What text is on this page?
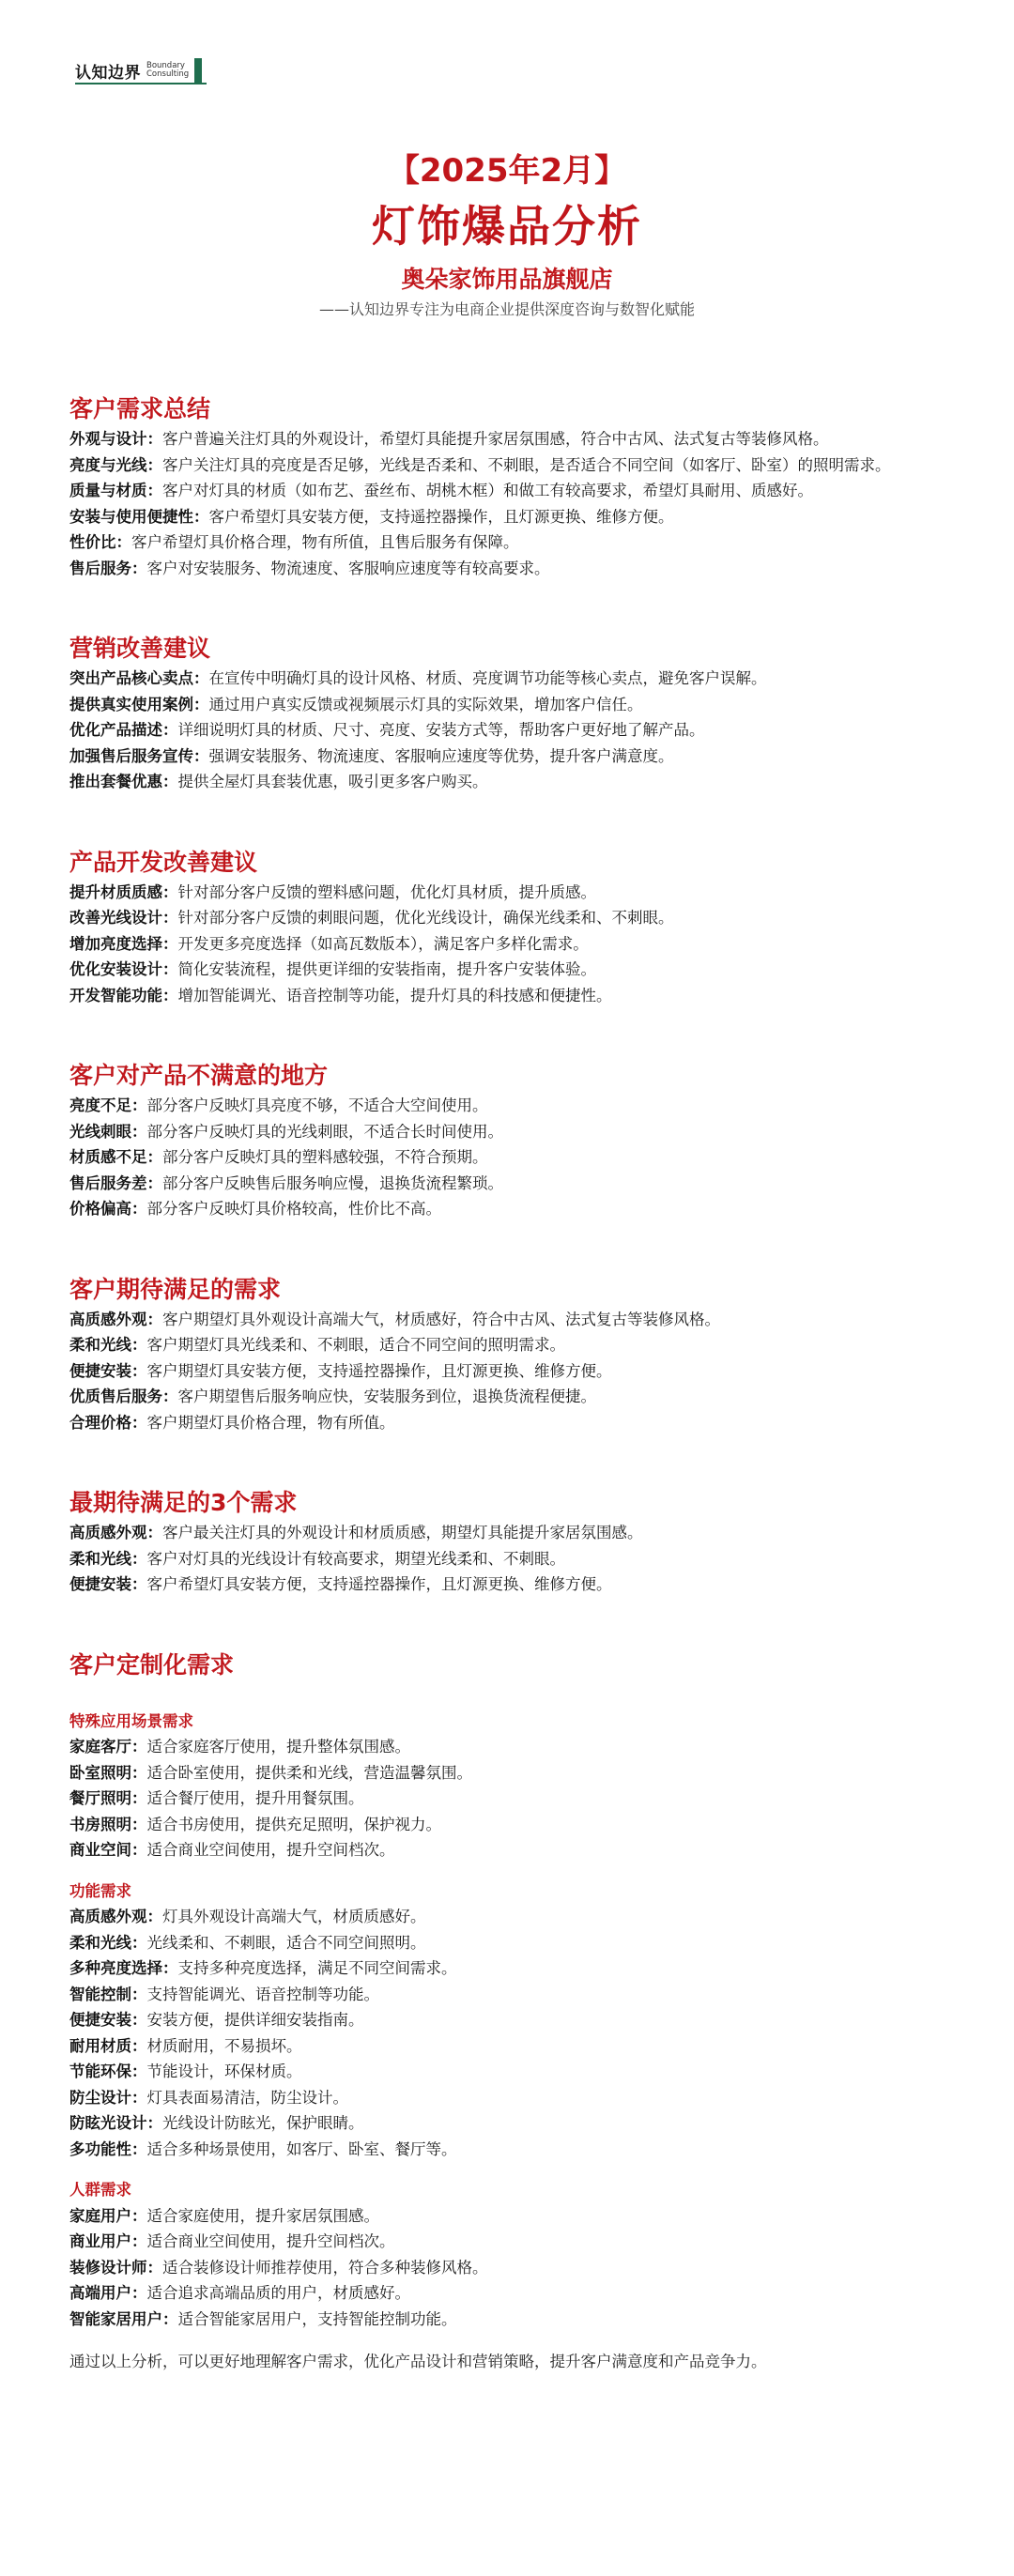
认知边界 Boundary
Consulting
【2025年2月】
灯饰爆品分析
奥朵家饰用品旗舰店
——认知边界专注为电商企业提供深度咨询与数智化赋能
客户需求总结
外观与设计：客户普遍关注灯具的外观设计，希望灯具能提升家居氛围感，符合中古风、法式复古等装修风格。
亮度与光线：客户关注灯具的亮度是否足够，光线是否柔和、不刺眼，是否适合不同空间（如客厅、卧室）的照明需求。
质量与材质：客户对灯具的材质（如布艺、蚕丝布、胡桃木框）和做工有较高要求，希望灯具耐用、质感好。
安装与使用便捷性：客户希望灯具安装方便，支持遥控器操作，且灯源更换、维修方便。
性价比：客户希望灯具价格合理，物有所值，且售后服务有保障。
售后服务：客户对安装服务、物流速度、客服响应速度等有较高要求。
营销改善建议
突出产品核心卖点：在宣传中明确灯具的设计风格、材质、亮度调节功能等核心卖点，避免客户误解。
提供真实使用案例：通过用户真实反馈或视频展示灯具的实际效果，增加客户信任。
优化产品描述：详细说明灯具的材质、尺寸、亮度、安装方式等，帮助客户更好地了解产品。
加强售后服务宣传：强调安装服务、物流速度、客服响应速度等优势，提升客户满意度。
推出套餐优惠：提供全屋灯具套装优惠，吸引更多客户购买。
产品开发改善建议
提升材质质感：针对部分客户反馈的塑料感问题，优化灯具材质，提升质感。
改善光线设计：针对部分客户反馈的刺眼问题，优化光线设计，确保光线柔和、不刺眼。
增加亮度选择：开发更多亮度选择（如高瓦数版本），满足客户多样化需求。
优化安装设计：简化安装流程，提供更详细的安装指南，提升客户安装体验。
开发智能功能：增加智能调光、语音控制等功能，提升灯具的科技感和便捷性。
客户对产品不满意的地方
亮度不足：部分客户反映灯具亮度不够，不适合大空间使用。
光线刺眼：部分客户反映灯具的光线刺眼，不适合长时间使用。
材质感不足：部分客户反映灯具的塑料感较强，不符合预期。
售后服务差：部分客户反映售后服务响应慢，退换货流程繁琐。
价格偏高：部分客户反映灯具价格较高，性价比不高。
客户期待满足的需求
高质感外观：客户期望灯具外观设计高端大气，材质感好，符合中古风、法式复古等装修风格。
柔和光线：客户期望灯具光线柔和、不刺眼，适合不同空间的照明需求。
便捷安装：客户期望灯具安装方便，支持遥控器操作，且灯源更换、维修方便。
优质售后服务：客户期望售后服务响应快，安装服务到位，退换货流程便捷。
合理价格：客户期望灯具价格合理，物有所值。
最期待满足的3个需求
高质感外观：客户最关注灯具的外观设计和材质质感，期望灯具能提升家居氛围感。
柔和光线：客户对灯具的光线设计有较高要求，期望光线柔和、不刺眼。
便捷安装：客户希望灯具安装方便，支持遥控器操作，且灯源更换、维修方便。
客户定制化需求
特殊应用场景需求
家庭客厅：适合家庭客厅使用，提升整体氛围感。
卧室照明：适合卧室使用，提供柔和光线，营造温馨氛围。
餐厅照明：适合餐厅使用，提升用餐氛围。
书房照明：适合书房使用，提供充足照明，保护视力。
商业空间：适合商业空间使用，提升空间档次。
功能需求
高质感外观：灯具外观设计高端大气，材质质感好。
柔和光线：光线柔和、不刺眼，适合不同空间照明。
多种亮度选择：支持多种亮度选择，满足不同空间需求。
智能控制：支持智能调光、语音控制等功能。
便捷安装：安装方便，提供详细安装指南。
耐用材质：材质耐用，不易损坏。
节能环保：节能设计，环保材质。
防尘设计：灯具表面易清洁，防尘设计。
防眩光设计：光线设计防眩光，保护眼睛。
多功能性：适合多种场景使用，如客厅、卧室、餐厅等。
人群需求
家庭用户：适合家庭使用，提升家居氛围感。
商业用户：适合商业空间使用，提升空间档次。
装修设计师：适合装修设计师推荐使用，符合多种装修风格。
高端用户：适合追求高端品质的用户，材质感好。
智能家居用户：适合智能家居用户，支持智能控制功能。
通过以上分析，可以更好地理解客户需求，优化产品设计和营销策略，提升客户满意度和产品竞争力。
